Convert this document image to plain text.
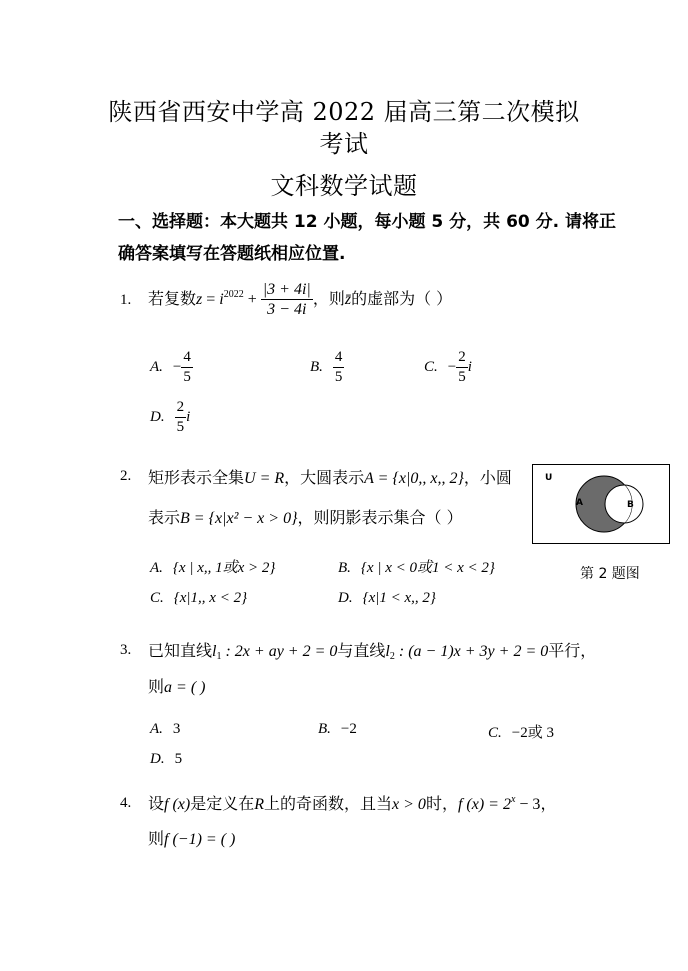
陕西省西安中学高 2022 届高三第二次模拟
考试
文科数学试题
一、选择题：本大题共 12 小题，每小题 5 分，共 60 分. 请将正
确答案填写在答题纸相应位置.
1. 若复数$z = i^{2022} + \frac{|3 + 4i|}{3 - 4i}$ ，则z̄的虚部为（ ）
A. − $\frac{4}{5}$	B. $\frac{4}{5}$	C. − $\frac{2}{5}$ i
D. $\frac{2}{5}$ i
2. 矩形表示全集U = R，大圆表示A = {x|0,, x,, 2}，小圆
表示B = {x|x² − x > 0}，则阴影表示集合（ ）
U
A	B
第 2 题图
A. {x | x,, 1或x > 2}	B. {x | x < 0或1 < x < 2}
C. {x|1,, x < 2}	D. {x|1 < x,, 2}
3. 已知直线$l_1$ : 2x + ay + 2 = 0与直线$l_2$ : (a − 1)x + 3y + 2 = 0平行，
则a = ( )
A. 3	B. −2	C. −2或 3
D. 5
4. 设f (x)是定义在R上的奇函数，且当x > 0时，f $(x) = 2^x - 3$，
则f (−1) = ( )
